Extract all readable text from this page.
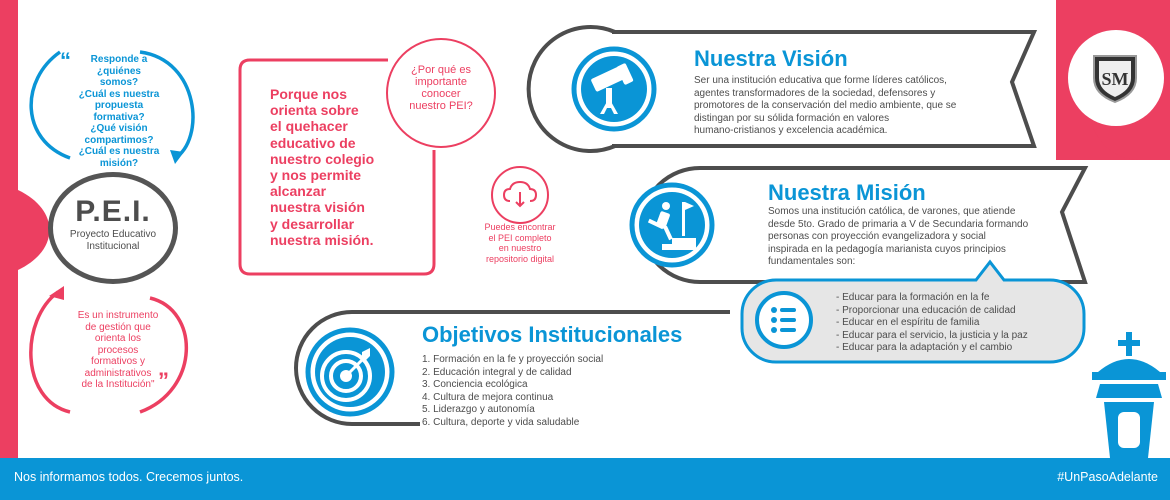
“
”
Responde a
¿quiénes somos?
¿Cuál es nuestra
propuesta
formativa?
¿Qué visión
compartimos?
¿Cuál es nuestra
misión?
P.E.I.
Proyecto Educativo
Institucional
Es un instrumento
de gestión que
orienta los
procesos
formativos y
administrativos
de la Institución"
Porque nos
orienta sobre
el quehacer
educativo de
nuestro colegio
y nos permite
alcanzar
nuestra visión
y desarrollar
nuestra misión.
¿Por qué es
importante
conocer
nuestro PEI?
Puedes encontrar
el PEI completo
en nuestro
repositorio digital
Nuestra Visión
Ser una institución educativa que forme líderes católicos,
agentes transformadores de la sociedad, defensores y
promotores de la conservación del medio ambiente, que se
distingan por su sólida formación en valores
humano-cristianos y excelencia académica.
Nuestra Misión
Somos una institución católica, de varones, que atiende
desde 5to. Grado de primaria a V de Secundaria formando
personas con proyección evangelizadora y social
inspirada en la pedagogía marianista cuyos principios
fundamentales son:
- Educar para la formación en la fe
- Proporcionar una educación de calidad
- Educar en el espíritu de familia
- Educar para el servicio, la justicia y la paz
- Educar para la adaptación y el cambio
Objetivos Institucionales
1. Formación en la fe y proyección social
2. Educación integral y de calidad
3. Conciencia ecológica
4. Cultura de mejora continua
5. Liderazgo y autonomía
6. Cultura, deporte y vida saludable
SM
Nos informamos todos. Crecemos juntos.	#UnPasoAdelante
